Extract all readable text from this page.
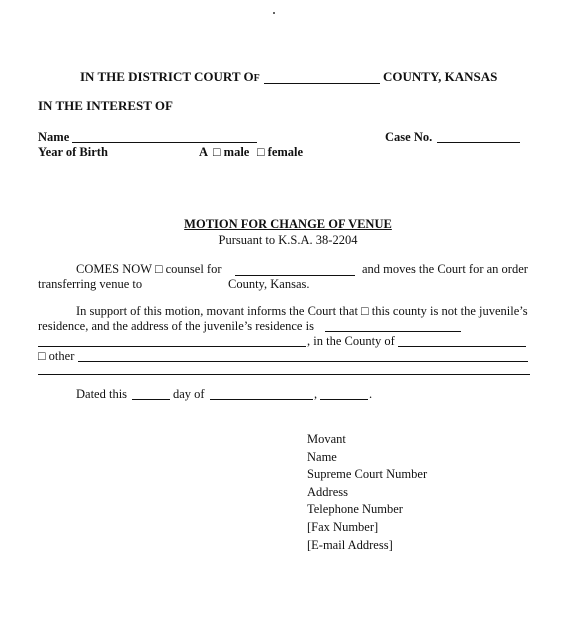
IN THE DISTRICT COURT OF	COUNTY, KANSAS
IN THE INTEREST OF
Name	Case No.
Year of Birth	A □ male □ female
MOTION FOR CHANGE OF VENUE
Pursuant to K.S.A. 38-2204
COMES NOW □ counsel for	and moves the Court for an order
transferring venue to	County, Kansas.
In support of this motion, movant informs the Court that □ this county is not the juvenile’s
residence, and the address of the juvenile’s residence is
, in the County of
□ other
Dated this	day of	,	.
Movant
Name
Supreme Court Number
Address
Telephone Number
[Fax Number]
[E-mail Address]
